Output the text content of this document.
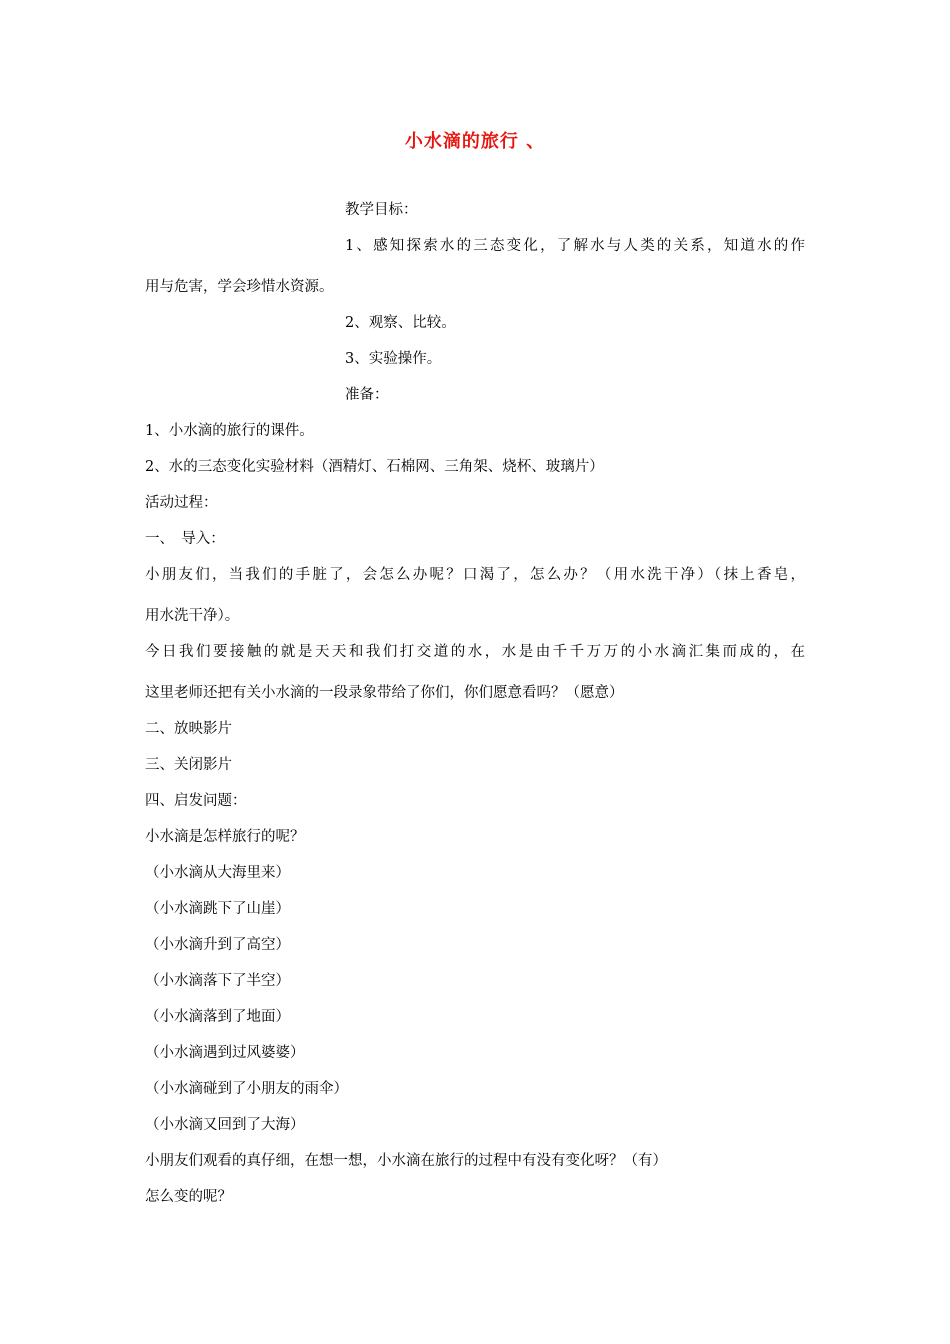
小水滴的旅行 、
教学目标：
1、感知探索水的三态变化，了解水与人类的关系，知道水的作
用与危害，学会珍惜水资源。
2、观察、比较。
3、实验操作。
准备：
1、小水滴的旅行的课件。
2、水的三态变化实验材料（酒精灯、石棉网、三角架、烧杯、玻璃片）
活动过程：
一、　导入：
小朋友们，当我们的手脏了，会怎么办呢？口渴了，怎么办？（用水洗干净）（抹上香皂，
用水洗干净）。
今日我们要接触的就是天天和我们打交道的水，水是由千千万万的小水滴汇集而成的，在
这里老师还把有关小水滴的一段录象带给了你们，你们愿意看吗？（愿意）
二、放映影片
三、关闭影片
四、启发问题：
小水滴是怎样旅行的呢？
（小水滴从大海里来）
（小水滴跳下了山崖）
（小水滴升到了高空）
（小水滴落下了半空）
（小水滴落到了地面）
（小水滴遇到过风婆婆）
（小水滴碰到了小朋友的雨伞）
（小水滴又回到了大海）
小朋友们观看的真仔细，在想一想，小水滴在旅行的过程中有没有变化呀？（有）
怎么变的呢？
